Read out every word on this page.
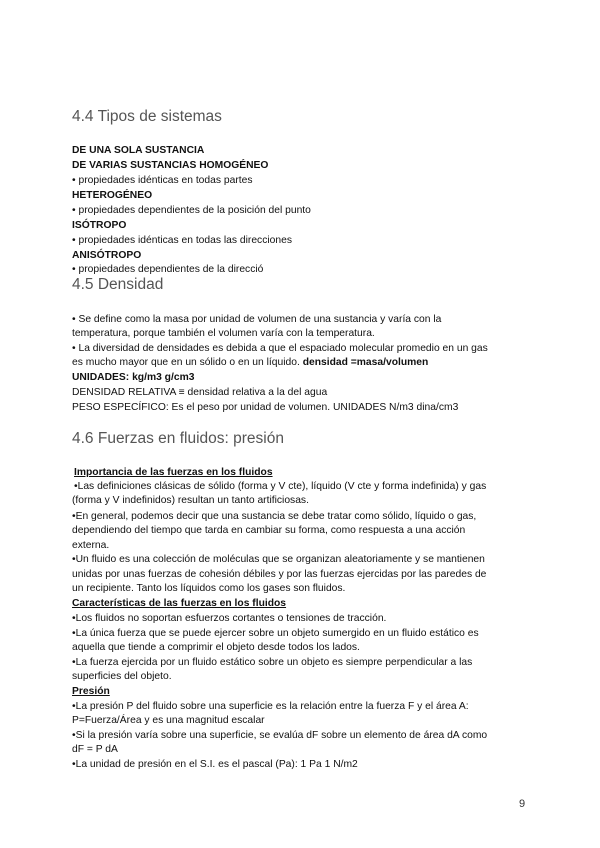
4.4 Tipos de sistemas
DE UNA SOLA SUSTANCIA
DE VARIAS SUSTANCIAS HOMOGÉNEO
• propiedades idénticas en todas partes
HETEROGÉNEO
• propiedades dependientes de la posición del punto
ISÓTROPO
• propiedades idénticas en todas las direcciones
ANISÓTROPO
• propiedades dependientes de la direcció
4.5 Densidad
• Se define como la masa por unidad de volumen de una sustancia y varía con la
temperatura, porque también el volumen varía con la temperatura.
• La diversidad de densidades es debida a que el espaciado molecular promedio en un gas
es mucho mayor que en un sólido o en un líquido. densidad =masa/volumen
UNIDADES: kg/m3 g/cm3
DENSIDAD RELATIVA ≡ densidad relativa a la del agua
PESO ESPECÍFICO: Es el peso por unidad de volumen. UNIDADES N/m3 dina/cm3
4.6 Fuerzas en fluidos: presión
Importancia de las fuerzas en los fluidos
•Las definiciones clásicas de sólido (forma y V cte), líquido (V cte y forma indefinida) y gas
(forma y V indefinidos) resultan un tanto artificiosas.
•En general, podemos decir que una sustancia se debe tratar como sólido, líquido o gas,
dependiendo del tiempo que tarda en cambiar su forma, como respuesta a una acción
externa.
•Un fluido es una colección de moléculas que se organizan aleatoriamente y se mantienen
unidas por unas fuerzas de cohesión débiles y por las fuerzas ejercidas por las paredes de
un recipiente. Tanto los líquidos como los gases son fluidos.
Características de las fuerzas en los fluidos
•Los fluidos no soportan esfuerzos cortantes o tensiones de tracción.
•La única fuerza que se puede ejercer sobre un objeto sumergido en un fluido estático es
aquella que tiende a comprimir el objeto desde todos los lados.
•La fuerza ejercida por un fluido estático sobre un objeto es siempre perpendicular a las
superficies del objeto.
Presión
•La presión P del fluido sobre una superficie es la relación entre la fuerza F y el área A:
P=Fuerza/Área y es una magnitud escalar
•Si la presión varía sobre una superficie, se evalúa dF sobre un elemento de área dA como
dF = P dA
•La unidad de presión en el S.I. es el pascal (Pa): 1 Pa 1 N/m2
9
